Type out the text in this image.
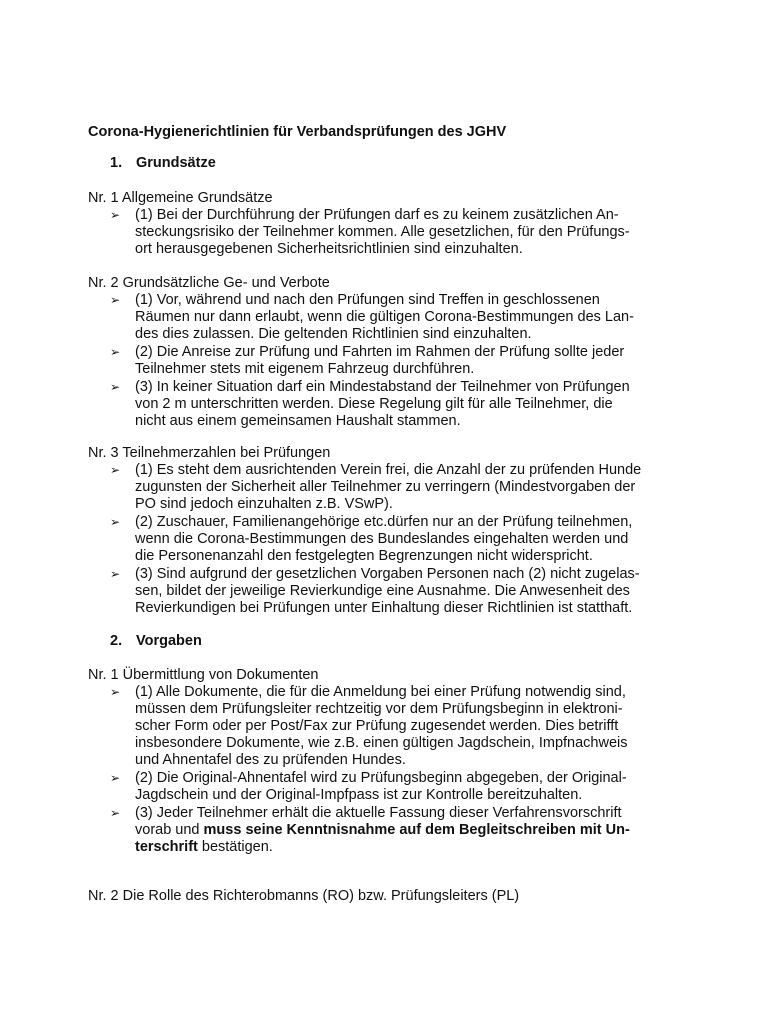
Corona-Hygienerichtlinien für Verbandsprüfungen des JGHV
1. Grundsätze
Nr. 1 Allgemeine Grundsätze
➢ (1) Bei der Durchführung der Prüfungen darf es zu keinem zusätzlichen An-
steckungsrisiko der Teilnehmer kommen. Alle gesetzlichen, für den Prüfungs-
ort herausgegebenen Sicherheitsrichtlinien sind einzuhalten.
Nr. 2 Grundsätzliche Ge- und Verbote
➢ (1) Vor, während und nach den Prüfungen sind Treffen in geschlossenen
Räumen nur dann erlaubt, wenn die gültigen Corona-Bestimmungen des Lan-
des dies zulassen. Die geltenden Richtlinien sind einzuhalten.
➢ (2) Die Anreise zur Prüfung und Fahrten im Rahmen der Prüfung sollte jeder
Teilnehmer stets mit eigenem Fahrzeug durchführen.
➢ (3) In keiner Situation darf ein Mindestabstand der Teilnehmer von Prüfungen
von 2 m unterschritten werden. Diese Regelung gilt für alle Teilnehmer, die
nicht aus einem gemeinsamen Haushalt stammen.
Nr. 3 Teilnehmerzahlen bei Prüfungen
➢ (1) Es steht dem ausrichtenden Verein frei, die Anzahl der zu prüfenden Hunde
zugunsten der Sicherheit aller Teilnehmer zu verringern (Mindestvorgaben der
PO sind jedoch einzuhalten z.B. VSwP).
➢ (2) Zuschauer, Familienangehörige etc.dürfen nur an der Prüfung teilnehmen,
wenn die Corona-Bestimmungen des Bundeslandes eingehalten werden und
die Personenanzahl den festgelegten Begrenzungen nicht widerspricht.
➢ (3) Sind aufgrund der gesetzlichen Vorgaben Personen nach (2) nicht zugelas-
sen, bildet der jeweilige Revierkundige eine Ausnahme. Die Anwesenheit des
Revierkundigen bei Prüfungen unter Einhaltung dieser Richtlinien ist statthaft.
2. Vorgaben
Nr. 1 Übermittlung von Dokumenten
➢ (1) Alle Dokumente, die für die Anmeldung bei einer Prüfung notwendig sind,
müssen dem Prüfungsleiter rechtzeitig vor dem Prüfungsbeginn in elektroni-
scher Form oder per Post/Fax zur Prüfung zugesendet werden. Dies betrifft
insbesondere Dokumente, wie z.B. einen gültigen Jagdschein, Impfnachweis
und Ahnentafel des zu prüfenden Hundes.
➢ (2) Die Original-Ahnentafel wird zu Prüfungsbeginn abgegeben, der Original-
Jagdschein und der Original-Impfpass ist zur Kontrolle bereitzuhalten.
➢ (3) Jeder Teilnehmer erhält die aktuelle Fassung dieser Verfahrensvorschrift
vorab und muss seine Kenntnisnahme auf dem Begleitschreiben mit Un-
terschrift bestätigen.
Nr. 2 Die Rolle des Richterobmanns (RO) bzw. Prüfungsleiters (PL)
